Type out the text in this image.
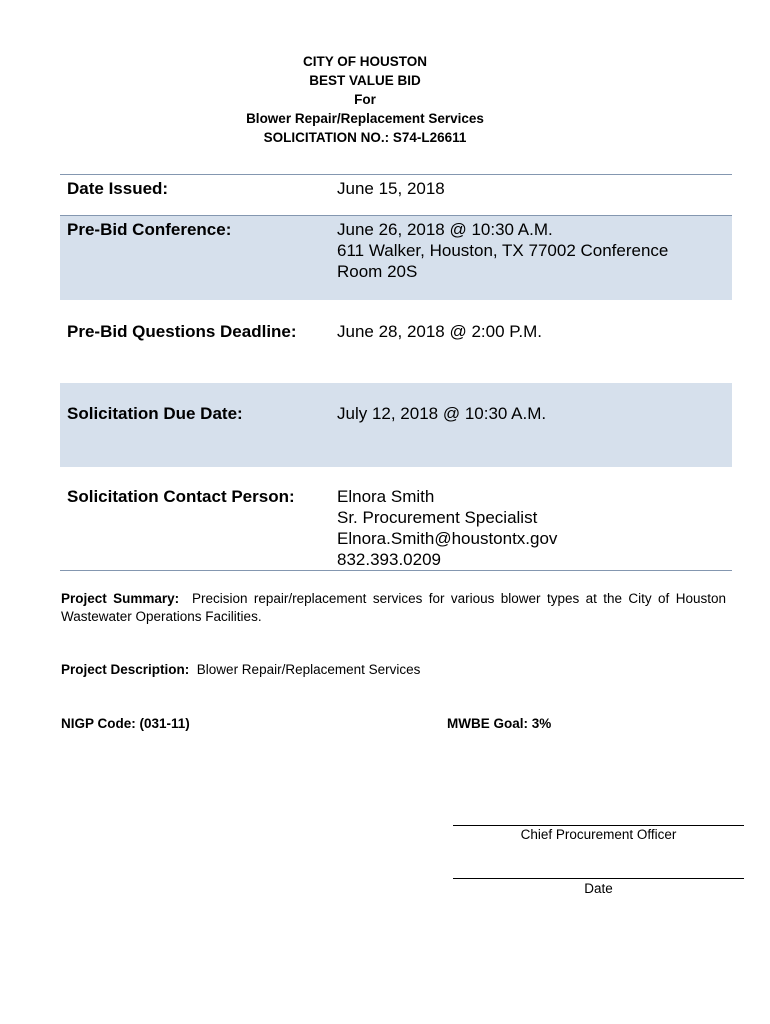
CITY OF HOUSTON
BEST VALUE BID
For
Blower Repair/Replacement Services
SOLICITATION NO.: S74-L26611
Date Issued:	June 15, 2018
Pre-Bid Conference:	June 26, 2018 @ 10:30 A.M.
611 Walker, Houston, TX 77002 Conference
Room 20S
Pre-Bid Questions Deadline: June 28, 2018 @ 2:00 P.M.
Solicitation Due Date:	July 12, 2018 @ 10:30 A.M.
Solicitation Contact Person: Elnora Smith
Sr. Procurement Specialist
Elnora.Smith@houstontx.gov
832.393.0209
Project Summary: Precision repair/replacement services for various blower types at the City of Houston Wastewater Operations Facilities.
Project Description: Blower Repair/Replacement Services
NIGP Code: (031-11)	MWBE Goal: 3%
Chief Procurement Officer
Date
